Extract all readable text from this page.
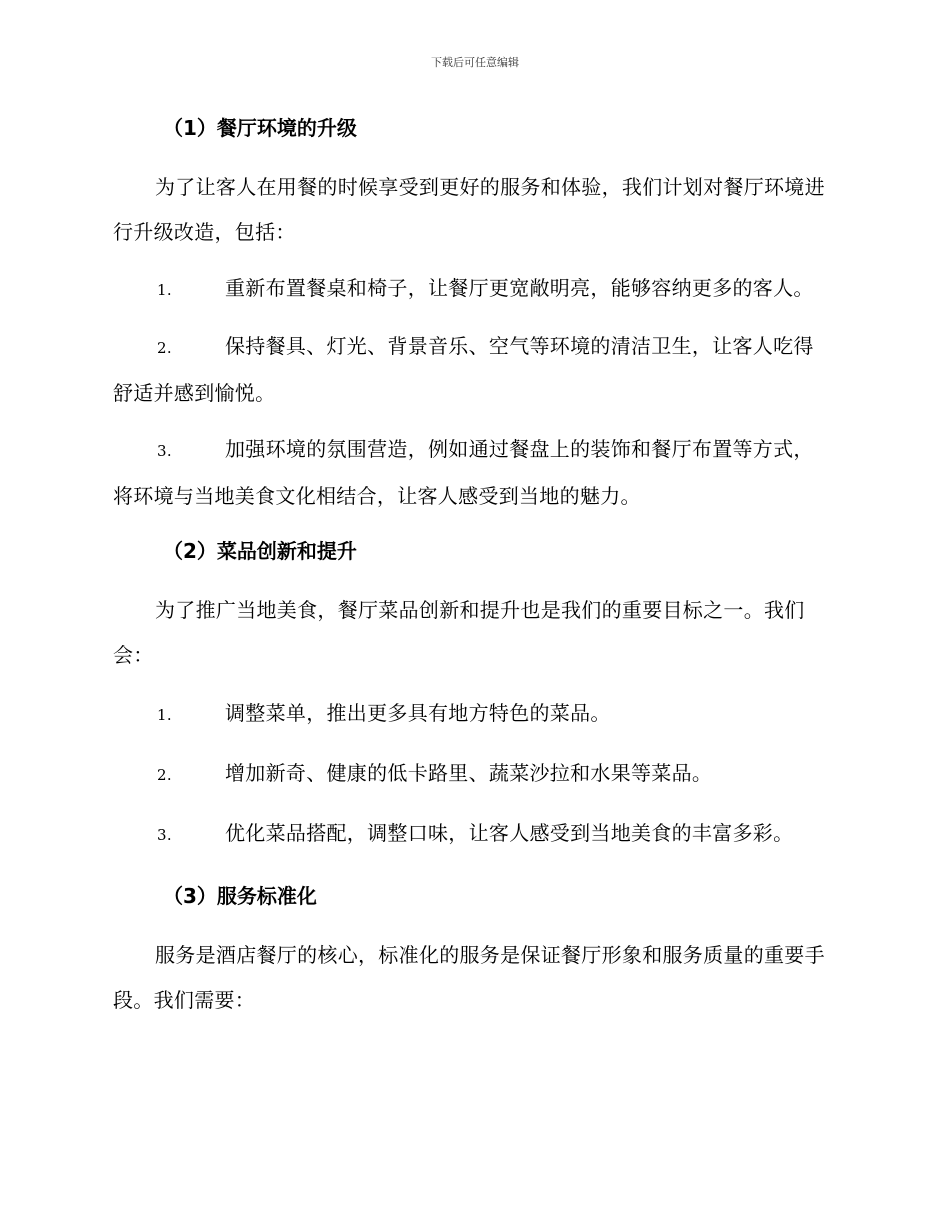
下载后可任意编辑

（1）餐厅环境的升级

为了让客人在用餐的时候享受到更好的服务和体验，我们计划对餐厅环境进行升级改造，包括：

1.	重新布置餐桌和椅子，让餐厅更宽敞明亮，能够容纳更多的客人。

2.	保持餐具、灯光、背景音乐、空气等环境的清洁卫生，让客人吃得舒适并感到愉悦。

3.	加强环境的氛围营造，例如通过餐盘上的装饰和餐厅布置等方式，将环境与当地美食文化相结合，让客人感受到当地的魅力。

（2）菜品创新和提升

为了推广当地美食，餐厅菜品创新和提升也是我们的重要目标之一。我们会：

1.	调整菜单，推出更多具有地方特色的菜品。

2.	增加新奇、健康的低卡路里、蔬菜沙拉和水果等菜品。

3.	优化菜品搭配，调整口味，让客人感受到当地美食的丰富多彩。

（3）服务标准化

服务是酒店餐厅的核心，标准化的服务是保证餐厅形象和服务质量的重要手段。我们需要：
